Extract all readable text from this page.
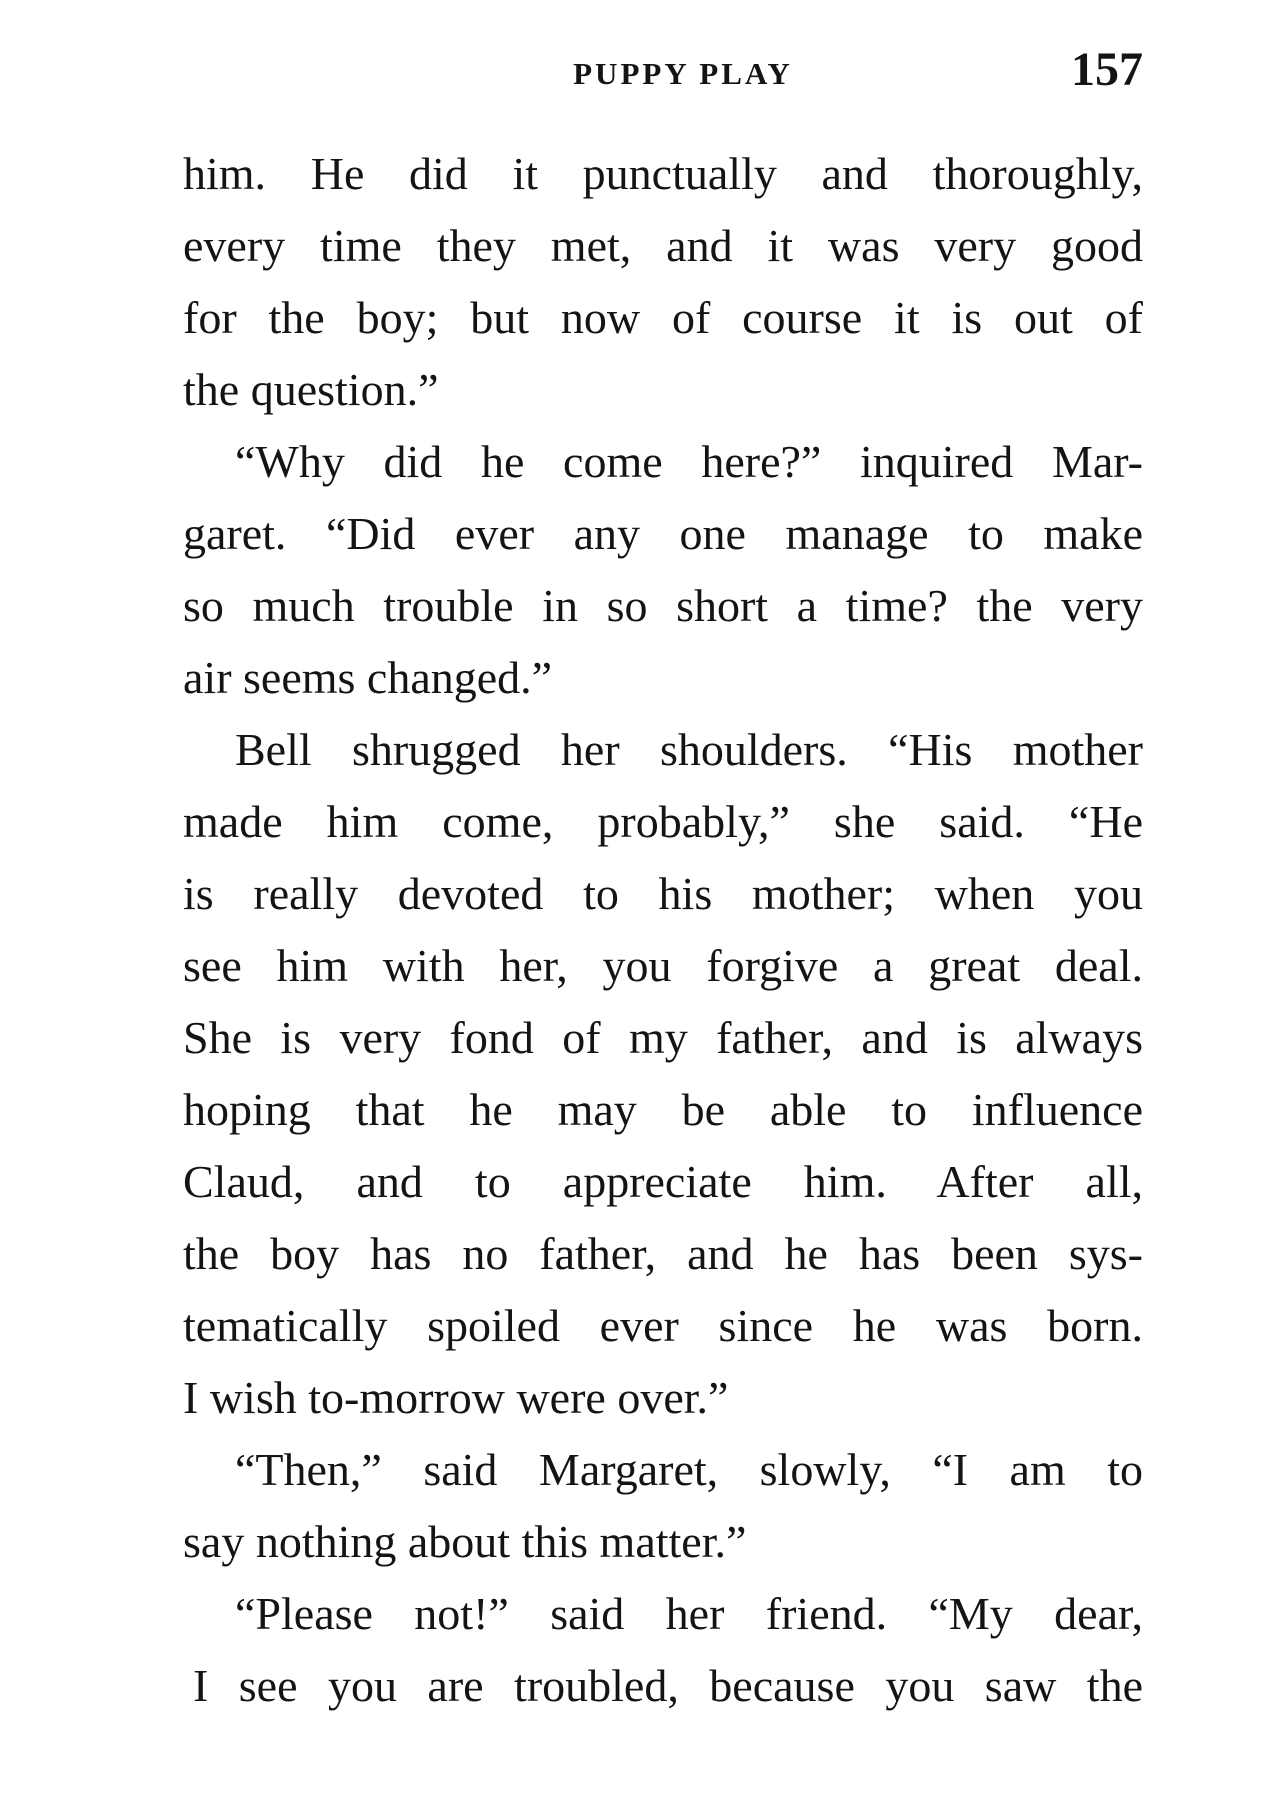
PUPPY PLAY	157
him. He did it punctually and thoroughly,
every time they met, and it was very good
for the boy; but now of course it is out of
the question.”
“Why did he come here?” inquired Mar-
garet. “Did ever any one manage to make
so much trouble in so short a time? the very
air seems changed.”
Bell shrugged her shoulders. “His mother
made him come, probably,” she said. “He
is really devoted to his mother; when you
see him with her, you forgive a great deal.
She is very fond of my father, and is always
hoping that he may be able to influence
Claud, and to appreciate him. After all,
the boy has no father, and he has been sys-
tematically spoiled ever since he was born.
I wish to-morrow were over.”
“Then,” said Margaret, slowly, “I am to
say nothing about this matter.”
“Please not!” said her friend. “My dear,
I see you are troubled, because you saw the
